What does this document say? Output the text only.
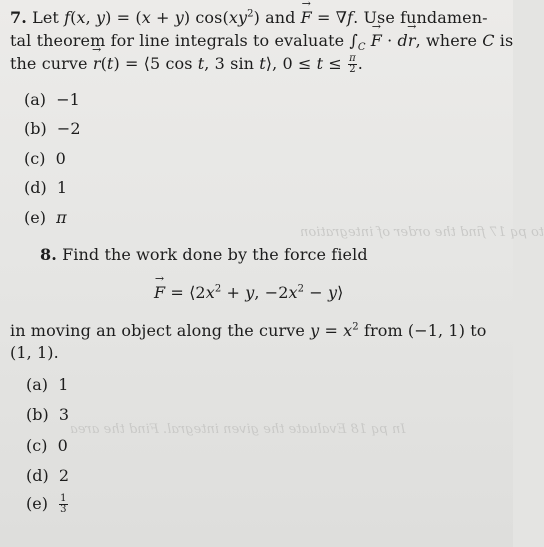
7. Let f(x, y) = (x + y) $\cos(xy^2)$ and → F = ∇f. Use fundamen-
tal theorem for line integrals to evaluate $\int_C \to F \cdot d\to r$, where C is
the curve → r(t) = ⟨5 cos t, 3 sin t⟩, $0 \le t \le \frac{\pi}{2}$ .
(a) −1
(b) −2
(c) 0
(d) 1
(e) π
to pq 17 find the order of integration
8. Find the work done by the force field
→ $F = ⟨2x^2 + y$, $-2x^2$ − y⟩
in moving an object along the curve $y = x^2$ from (−1, 1) to
(1, 1).
(a) 1
(b) 3
In pq 18 Evaluate the given integral. Find the area
(c) 0
(d) 2
$(e) \frac{1}{3}$
